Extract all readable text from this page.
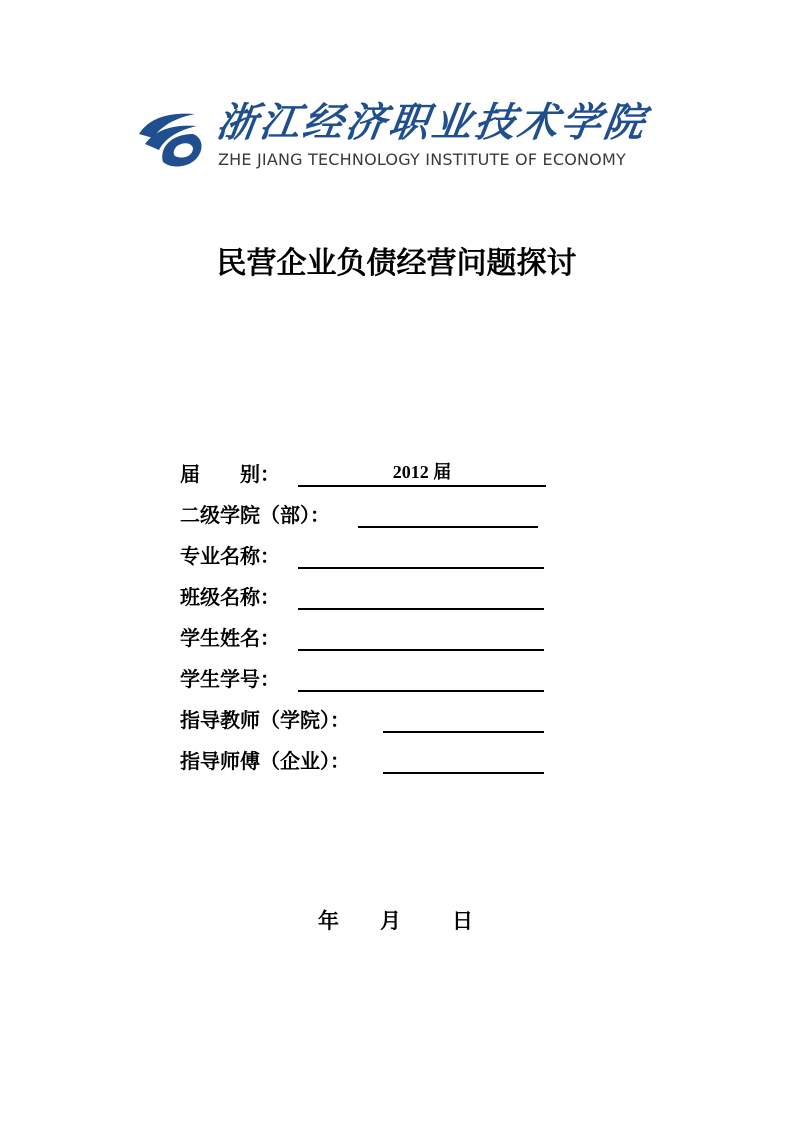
浙江经济职业技术学院
ZHE JIANG TECHNOLOGY INSTITUTE OF ECONOMY
民营企业负债经营问题探讨
届　　别：	2012 届
二级学院（部）：
专业名称：
班级名称：
学生姓名：
学生学号：
指导教师（学院）：
指导师傅（企业）：
年 月 日
